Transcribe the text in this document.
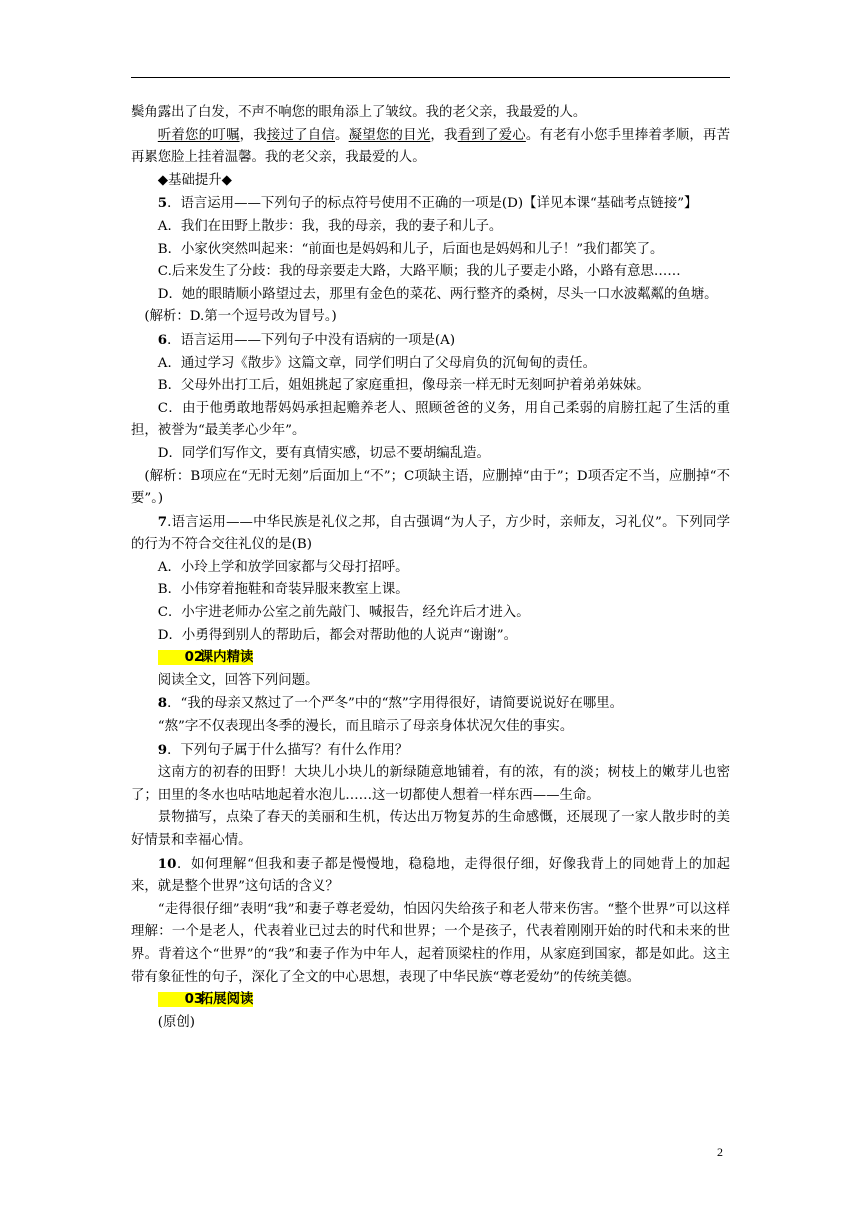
鬓角露出了白发，不声不响您的眼角添上了皱纹。我的老父亲，我最爱的人。

听着您的叮嘱，我接过了自信。凝望您的目光，我看到了爱心。有老有小您手里捧着孝顺，再苦再累您脸上挂着温馨。我的老父亲，我最爱的人。

◆基础提升◆

5．语言运用——下列句子的标点符号使用不正确的一项是(D)【详见本课“基础考点链接”】

A．我们在田野上散步：我，我的母亲，我的妻子和儿子。

B．小家伙突然叫起来：“前面也是妈妈和儿子，后面也是妈妈和儿子！”我们都笑了。

C.后来发生了分歧：我的母亲要走大路，大路平顺；我的儿子要走小路，小路有意思……

D．她的眼睛顺小路望过去，那里有金色的菜花、两行整齐的桑树，尽头一口水波粼粼的鱼塘。

(解析：D.第一个逗号改为冒号。)

6．语言运用——下列句子中没有语病的一项是(A)

A．通过学习《散步》这篇文章，同学们明白了父母肩负的沉甸甸的责任。

B．父母外出打工后，姐姐挑起了家庭重担，像母亲一样无时无刻呵护着弟弟妹妹。

C．由于他勇敢地帮妈妈承担起赡养老人、照顾爸爸的义务，用自己柔弱的肩膀扛起了生活的重担，被誉为“最美孝心少年”。

D．同学们写作文，要有真情实感，切忌不要胡编乱造。

(解析：B项应在“无时无刻”后面加上“不”；C项缺主语，应删掉“由于”；D项否定不当，应删掉“不要”。)

7.语言运用——中华民族是礼仪之邦，自古强调“为人子，方少时，亲师友，习礼仪”。下列同学的行为不符合交往礼仪的是(B)

A．小玲上学和放学回家都与父母打招呼。

B．小伟穿着拖鞋和奇装异服来教室上课。

C．小宇进老师办公室之前先敲门、喊报告，经允许后才进入。

D．小勇得到别人的帮助后，都会对帮助他的人说声“谢谢”。

02课内精读

阅读全文，回答下列问题。

8．“我的母亲又熬过了一个严冬”中的“熬”字用得很好，请简要说说好在哪里。

“熬”字不仅表现出冬季的漫长，而且暗示了母亲身体状况欠佳的事实。

9．下列句子属于什么描写？有什么作用？

这南方的初春的田野！大块儿小块儿的新绿随意地铺着，有的浓，有的淡；树枝上的嫩芽儿也密了；田里的冬水也咕咕地起着水泡儿……这一切都使人想着一样东西——生命。

景物描写，点染了春天的美丽和生机，传达出万物复苏的生命感慨，还展现了一家人散步时的美好情景和幸福心情。

10．如何理解“但我和妻子都是慢慢地，稳稳地，走得很仔细，好像我背上的同她背上的加起来，就是整个世界”这句话的含义？

“走得很仔细”表明“我”和妻子尊老爱幼，怕因闪失给孩子和老人带来伤害。“整个世界”可以这样理解：一个是老人，代表着业已过去的时代和世界；一个是孩子，代表着刚刚开始的时代和未来的世界。背着这个“世界”的“我”和妻子作为中年人，起着顶梁柱的作用，从家庭到国家，都是如此。这主带有象征性的句子，深化了全文的中心思想，表现了中华民族“尊老爱幼”的传统美德。

03拓展阅读

(原创)

2
